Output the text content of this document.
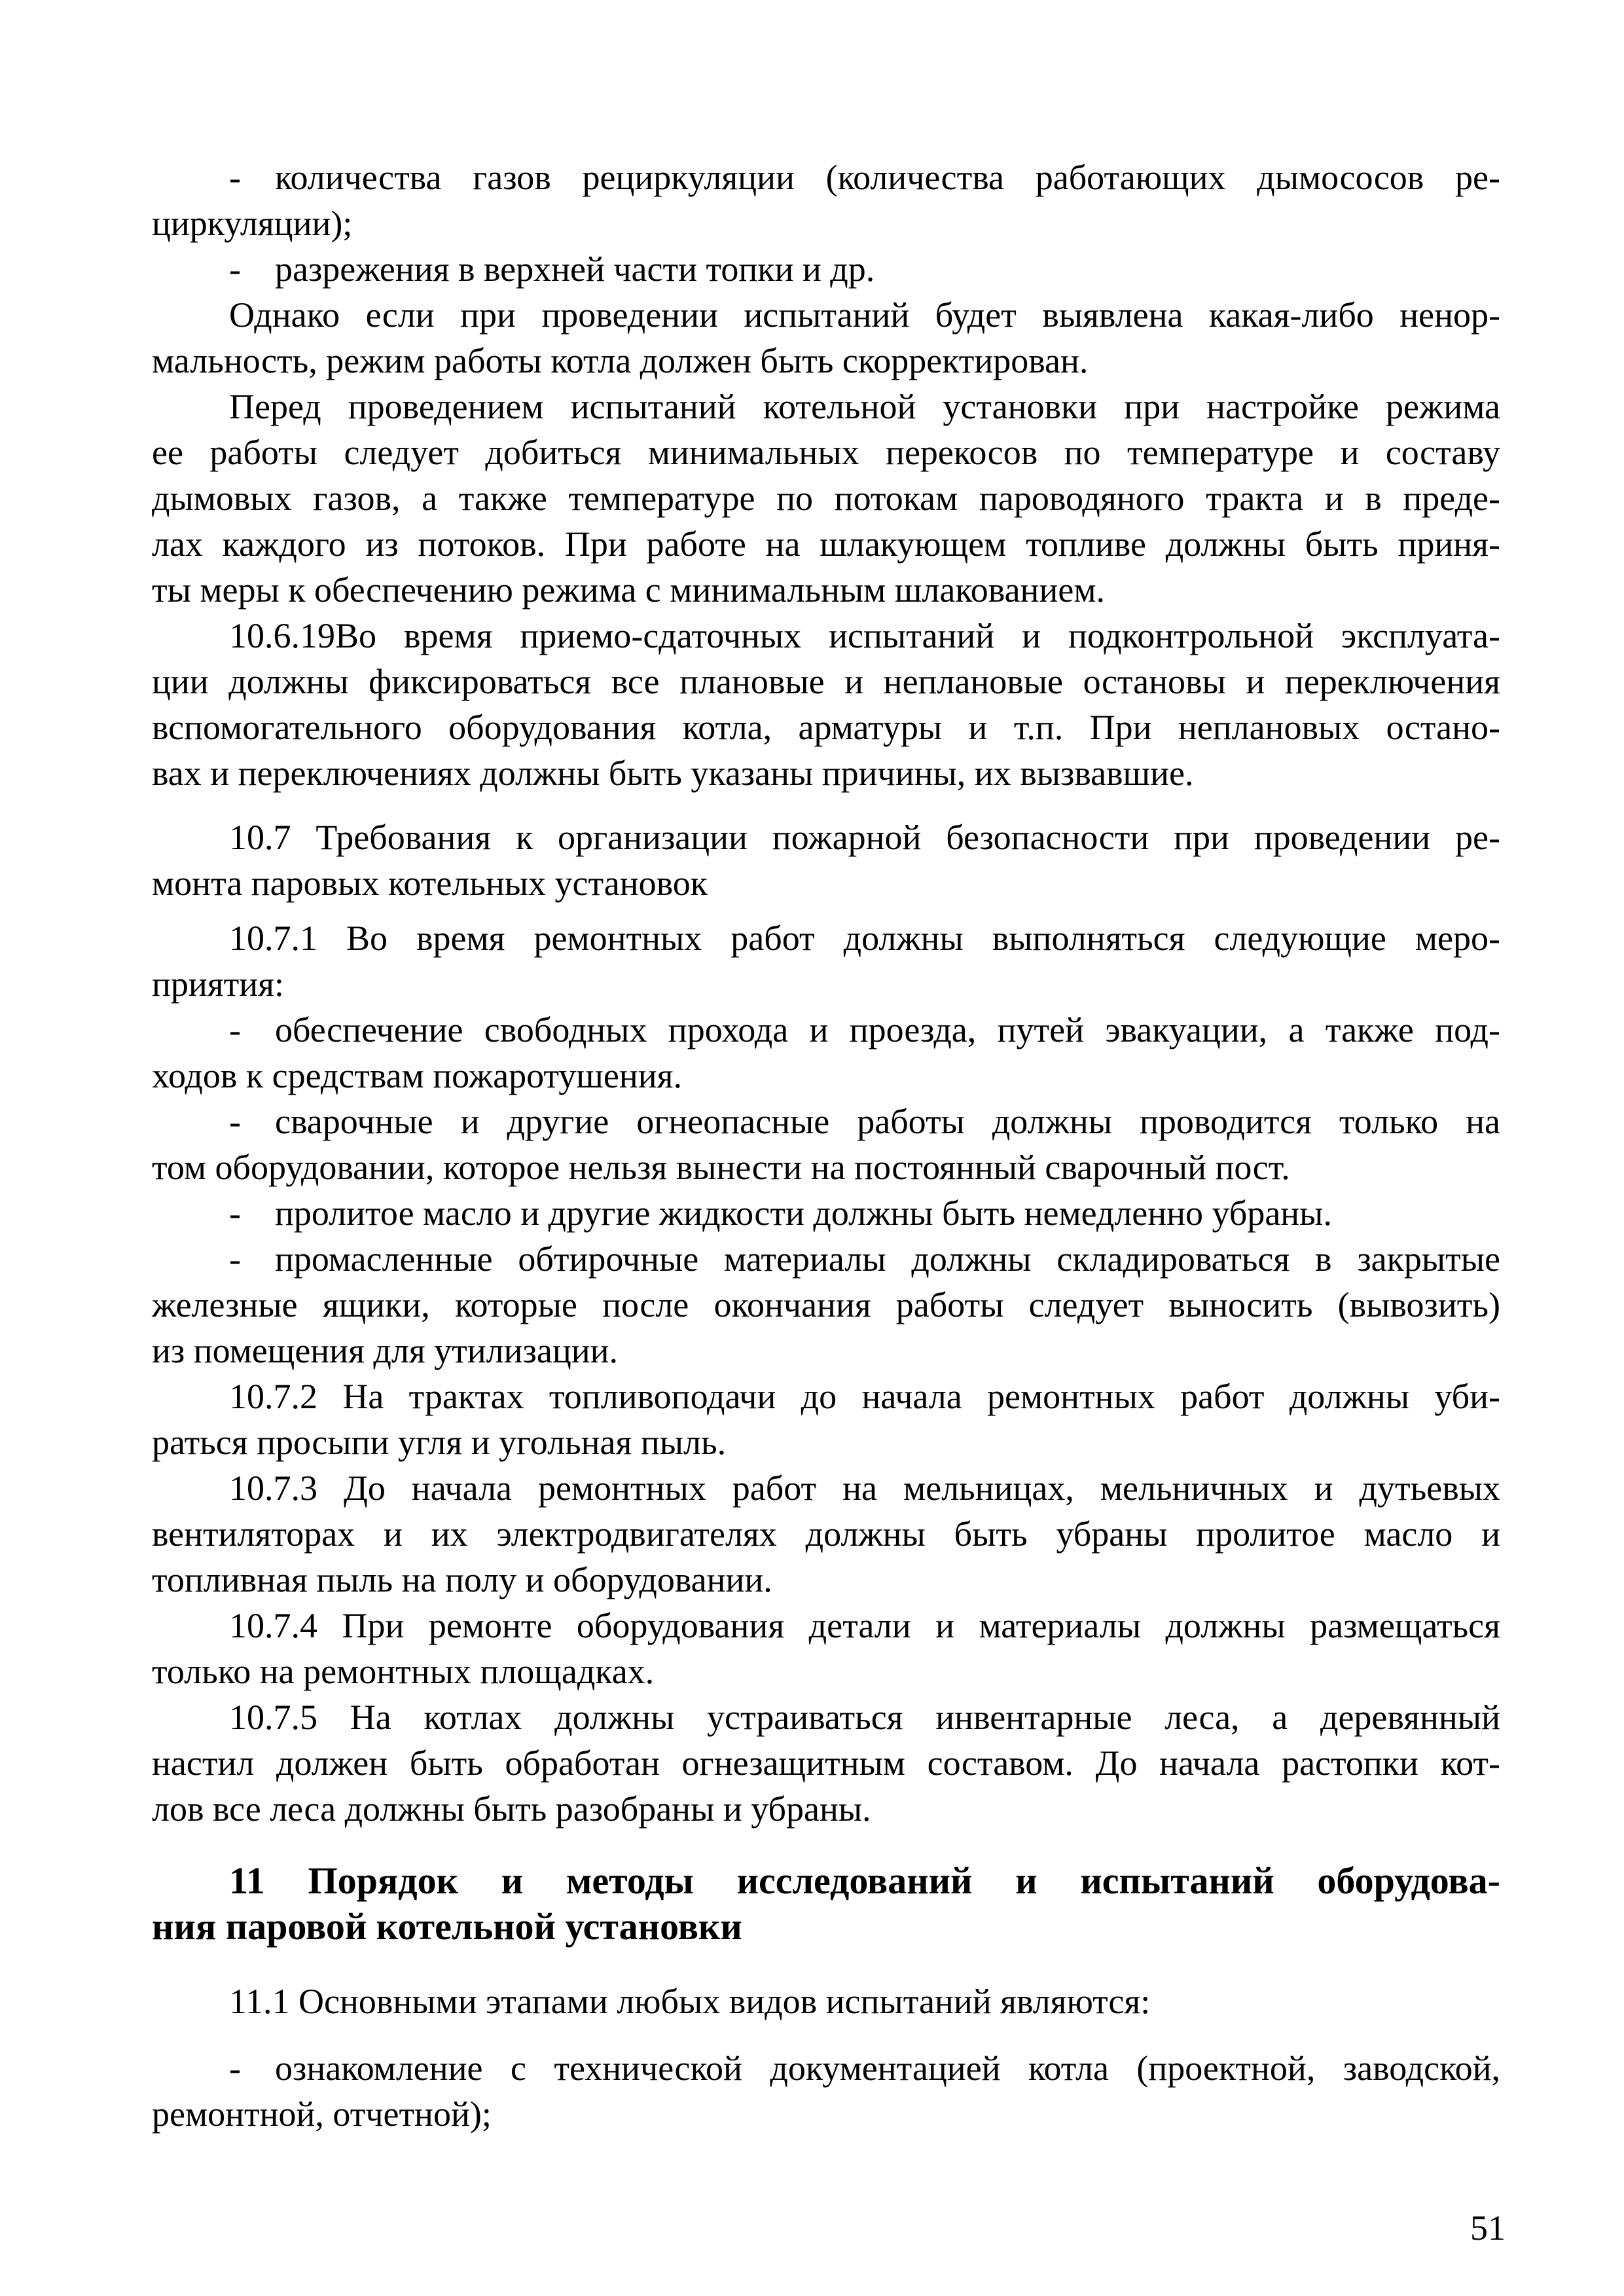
- количества газов рециркуляции (количества работающих дымососов ре-
циркуляции);
- разрежения в верхней части топки и др.
Однако если при проведении испытаний будет выявлена какая-либо ненор-
мальность, режим работы котла должен быть скорректирован.
Перед проведением испытаний котельной установки при настройке режима
ее работы следует добиться минимальных перекосов по температуре и составу
дымовых газов, а также температуре по потокам пароводяного тракта и в преде-
лах каждого из потоков. При работе на шлакующем топливе должны быть приня-
ты меры к обеспечению режима с минимальным шлакованием.
10.6.19Во время приемо-сдаточных испытаний и подконтрольной эксплуата-
ции должны фиксироваться все плановые и неплановые остановы и переключения
вспомогательного оборудования котла, арматуры и т.п. При неплановых остано-
вах и переключениях должны быть указаны причины, их вызвавшие.
10.7 Требования к организации пожарной безопасности при проведении ре-
монта паровых котельных установок
10.7.1 Во время ремонтных работ должны выполняться следующие меро-
приятия:
- обеспечение свободных прохода и проезда, путей эвакуации, а также под-
ходов к средствам пожаротушения.
- сварочные и другие огнеопасные работы должны проводится только на
том оборудовании, которое нельзя вынести на постоянный сварочный пост.
- пролитое масло и другие жидкости должны быть немедленно убраны.
- промасленные обтирочные материалы должны складироваться в закрытые
железные ящики, которые после окончания работы следует выносить (вывозить)
из помещения для утилизации.
10.7.2 На трактах топливоподачи до начала ремонтных работ должны уби-
раться просыпи угля и угольная пыль.
10.7.3 До начала ремонтных работ на мельницах, мельничных и дутьевых
вентиляторах и их электродвигателях должны быть убраны пролитое масло и
топливная пыль на полу и оборудовании.
10.7.4 При ремонте оборудования детали и материалы должны размещаться
только на ремонтных площадках.
10.7.5 На котлах должны устраиваться инвентарные леса, а деревянный
настил должен быть обработан огнезащитным составом. До начала растопки кот-
лов все леса должны быть разобраны и убраны.
11 Порядок и методы исследований и испытаний оборудова-
ния паровой котельной установки
11.1 Основными этапами любых видов испытаний являются:
- ознакомление с технической документацией котла (проектной, заводской,
ремонтной, отчетной);
51
